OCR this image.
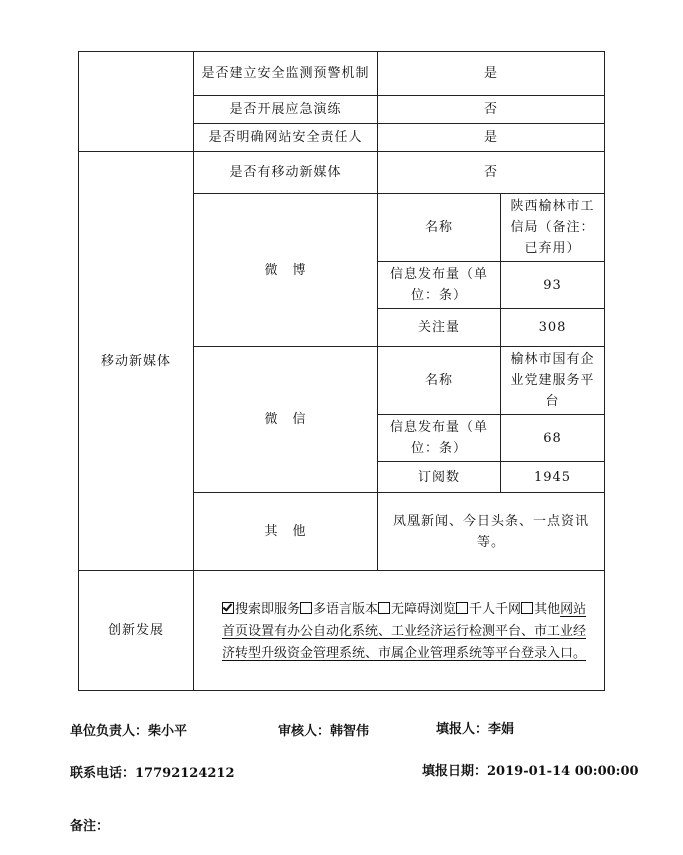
	是否建立安全监测预警机制	是	
	是否开展应急演练	否	
	是否明确网站安全责任人	是	
移动新媒体	是否有移动新媒体	否	
	微　博	名称	陕西榆林市工信局（备注：已弃用）
		信息发布量（单位：条）	93
		关注量	308
	微　信	名称	榆林市国有企业党建服务平台
		信息发布量（单位：条）	68
		订阅数	1945
	其　他	凤凰新闻、今日头条、一点资讯等。	
创新发展	搜索即服务 多语言版本 无障碍浏览 千人千网 其他网站首页设置有办公自动化系统、工业经济运行检测平台、市工业经济转型升级资金管理系统、市属企业管理系统等平台登录入口。		
单位负责人：柴小平	审核人：韩智伟	填报人：李娟
联系电话：17792124212	填报日期：2019-01-14 00:00:00
备注：
